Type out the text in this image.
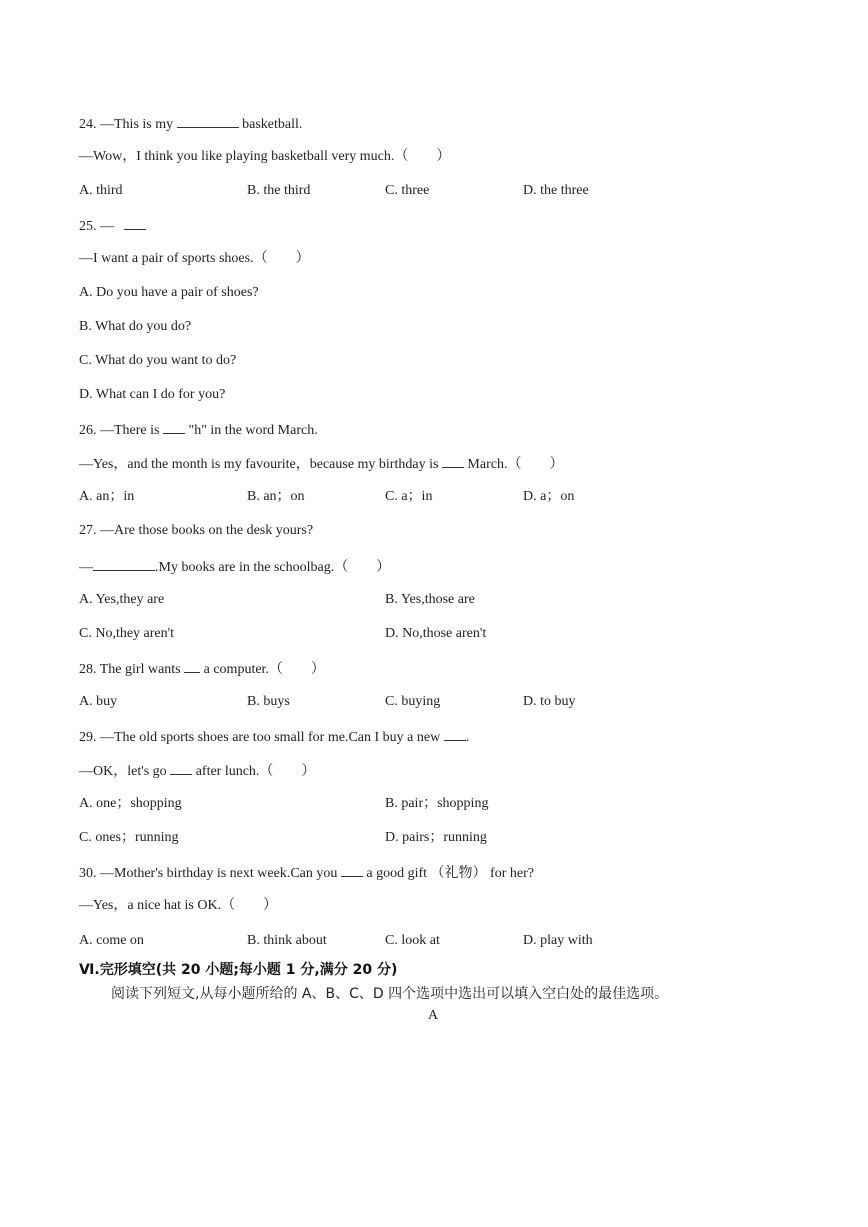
24. —This is my	basketball.
—Wow，I think you like playing basketball very much.（　　）
A. third	B. the third	C. three	D. the three
25. —
—I want a pair of sports shoes.（　　）
A. Do you have a pair of shoes?
B. What do you do?
C. What do you want to do?
D. What can I do for you?
26. —There is  "h" in the word March.
—Yes，and the month is my favourite，because my birthday is  March.（　　）
A. an；in	B. an；on	C. a；in	D. a；on
27. —Are those books on the desk yours?
—	.My books are in the schoolbag.（　　）
A. Yes,they are	B. Yes,those are
C. No,they aren't	D. No,those aren't
28. The girl wants  a computer.（　　）
A. buy	B. buys	C. buying	D. to buy
29. —The old sports shoes are too small for me.Can I buy a new .
—OK，let's go  after lunch.（　　）
A. one；shopping	B. pair；shopping
C. ones；running	D. pairs；running
30. —Mother's birthday is next week.Can you  a good gift （礼物） for her?
—Yes，a nice hat is OK.（　　）
A. come on	B. think about	C. look at	D. play with
Ⅵ.完形填空(共 20 小题;每小题 1 分,满分 20 分)
阅读下列短文,从每小题所给的 A、B、C、D 四个选项中选出可以填入空白处的最佳选项。
A
